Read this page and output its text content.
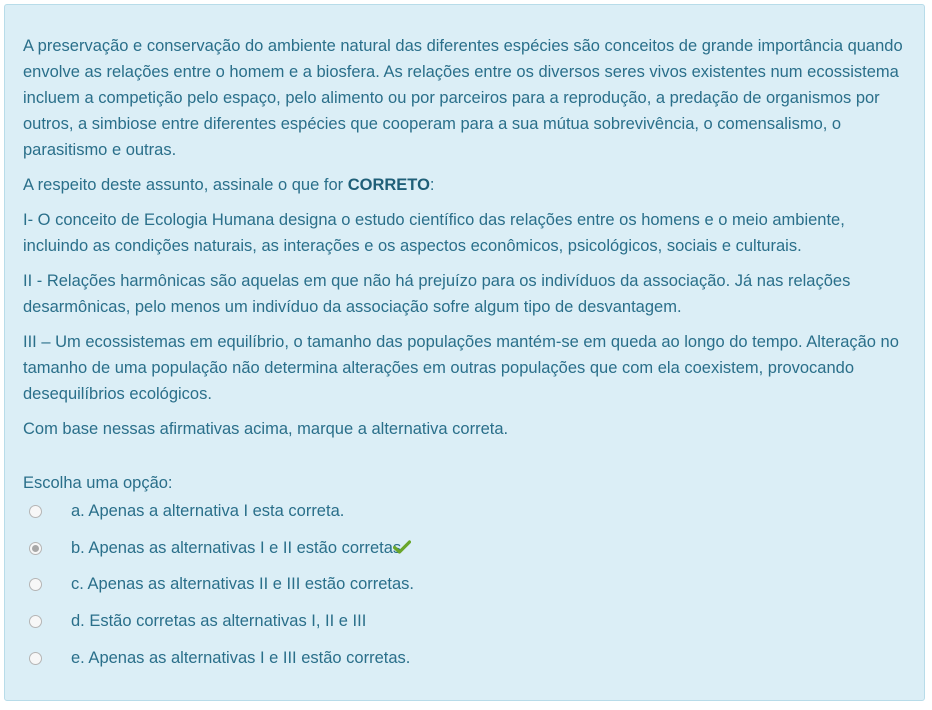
A preservação e conservação do ambiente natural das diferentes espécies são conceitos de grande importância quando envolve as relações entre o homem e a biosfera. As relações entre os diversos seres vivos existentes num ecossistema incluem a competição pelo espaço, pelo alimento ou por parceiros para a reprodução, a predação de organismos por outros, a simbiose entre diferentes espécies que cooperam para a sua mútua sobrevivência, o comensalismo, o parasitismo e outras.

A respeito deste assunto, assinale o que for CORRETO:

I- O conceito de Ecologia Humana designa o estudo científico das relações entre os homens e o meio ambiente, incluindo as condições naturais, as interações e os aspectos econômicos, psicológicos, sociais e culturais.

II - Relações harmônicas são aquelas em que não há prejuízo para os indivíduos da associação. Já nas relações desarmônicas, pelo menos um indivíduo da associação sofre algum tipo de desvantagem.

III – Um ecossistemas em equilíbrio, o tamanho das populações mantém-se em queda ao longo do tempo. Alteração no tamanho de uma população não determina alterações em outras populações que com ela coexistem, provocando desequilíbrios ecológicos.

Com base nessas afirmativas acima, marque a alternativa correta.

Escolha uma opção:
a. Apenas a alternativa I esta correta.
b. Apenas as alternativas I e II estão corretas
c. Apenas as alternativas II e III estão corretas.
d. Estão corretas as alternativas I, II e III
e. Apenas as alternativas I e III estão corretas.
